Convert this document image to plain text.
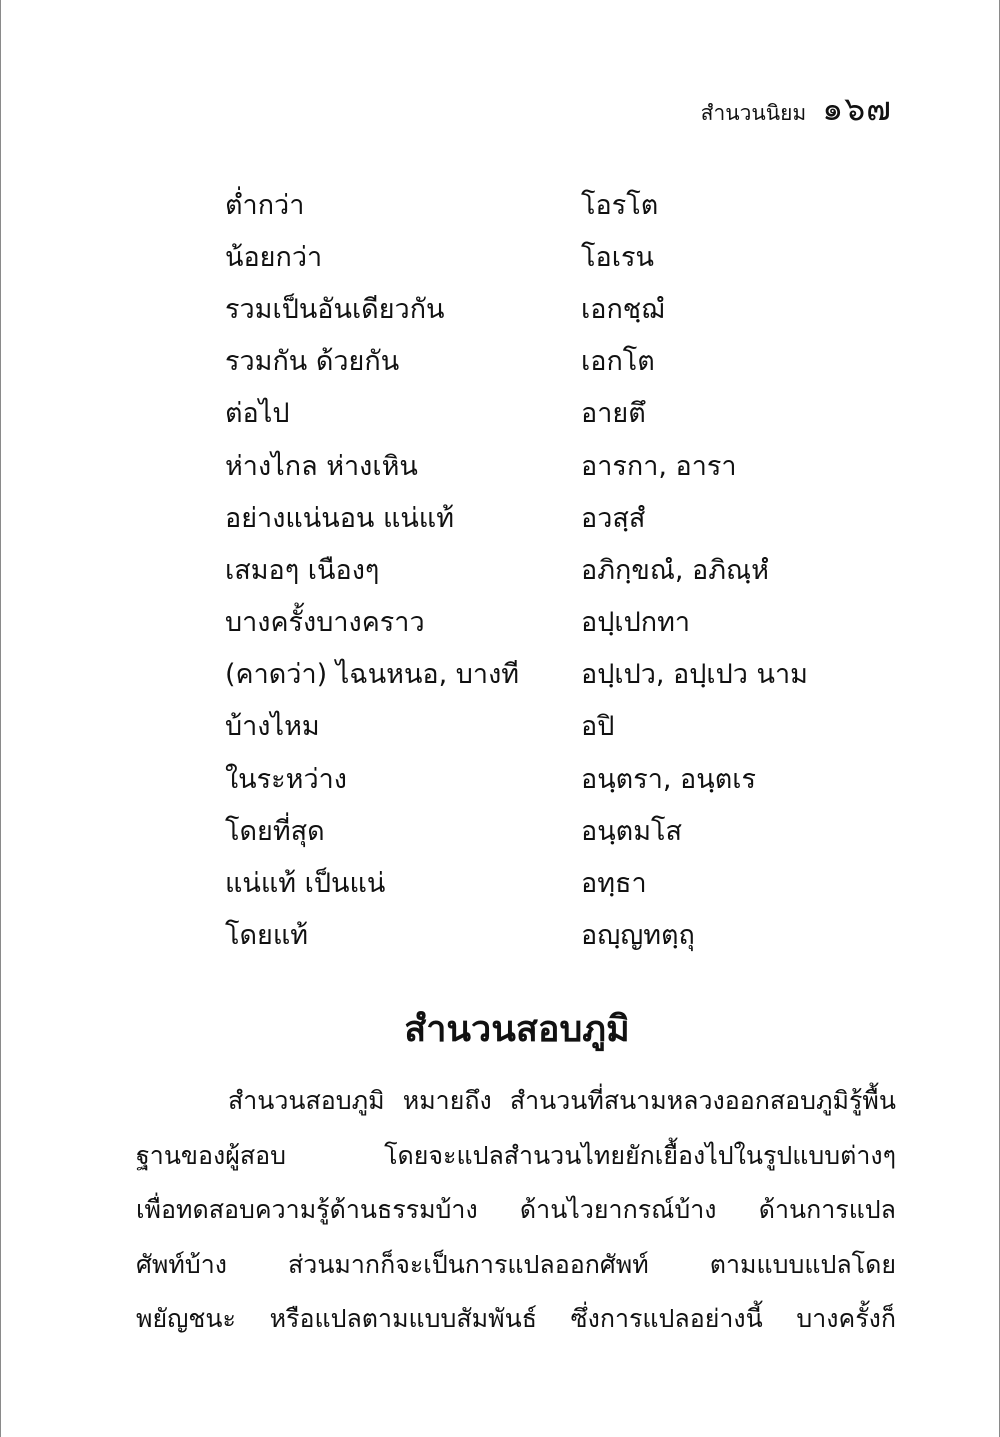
สำนวนนิยม ๑๖๗
ต่ำกว่า	โอรโต
น้อยกว่า	โอเรน
รวมเป็นอันเดียวกัน	เอกชฺฌํ
รวมกัน ด้วยกัน	เอกโต
ต่อไป	อายตึ
ห่างไกล ห่างเหิน	อารกา, อารา
อย่างแน่นอน แน่แท้	อวสฺสํ
เสมอๆ เนืองๆ	อภิกฺขณํ, อภิณฺหํ
บางครั้งบางคราว	อปฺเปกทา
(คาดว่า) ไฉนหนอ, บางที	อปฺเปว, อปฺเปว นาม
บ้างไหม	อปิ
ในระหว่าง	อนฺตรา, อนฺตเร
โดยที่สุด	อนฺตมโส
แน่แท้ เป็นแน่	อทฺธา
โดยแท้	อญฺญทตฺถุ
สำนวนสอบภูมิ
สำนวนสอบภูมิ หมายถึง สำนวนที่สนามหลวงออกสอบภูมิรู้พื้น
ฐานของผู้สอบ โดยจะแปลสำนวนไทยยักเยื้องไปในรูปแบบต่างๆ
เพื่อทดสอบความรู้ด้านธรรมบ้าง ด้านไวยากรณ์บ้าง ด้านการแปล
ศัพท์บ้าง ส่วนมากก็จะเป็นการแปลออกศัพท์ ตามแบบแปลโดย
พยัญชนะ หรือแปลตามแบบสัมพันธ์ ซึ่งการแปลอย่างนี้ บางครั้งก็
